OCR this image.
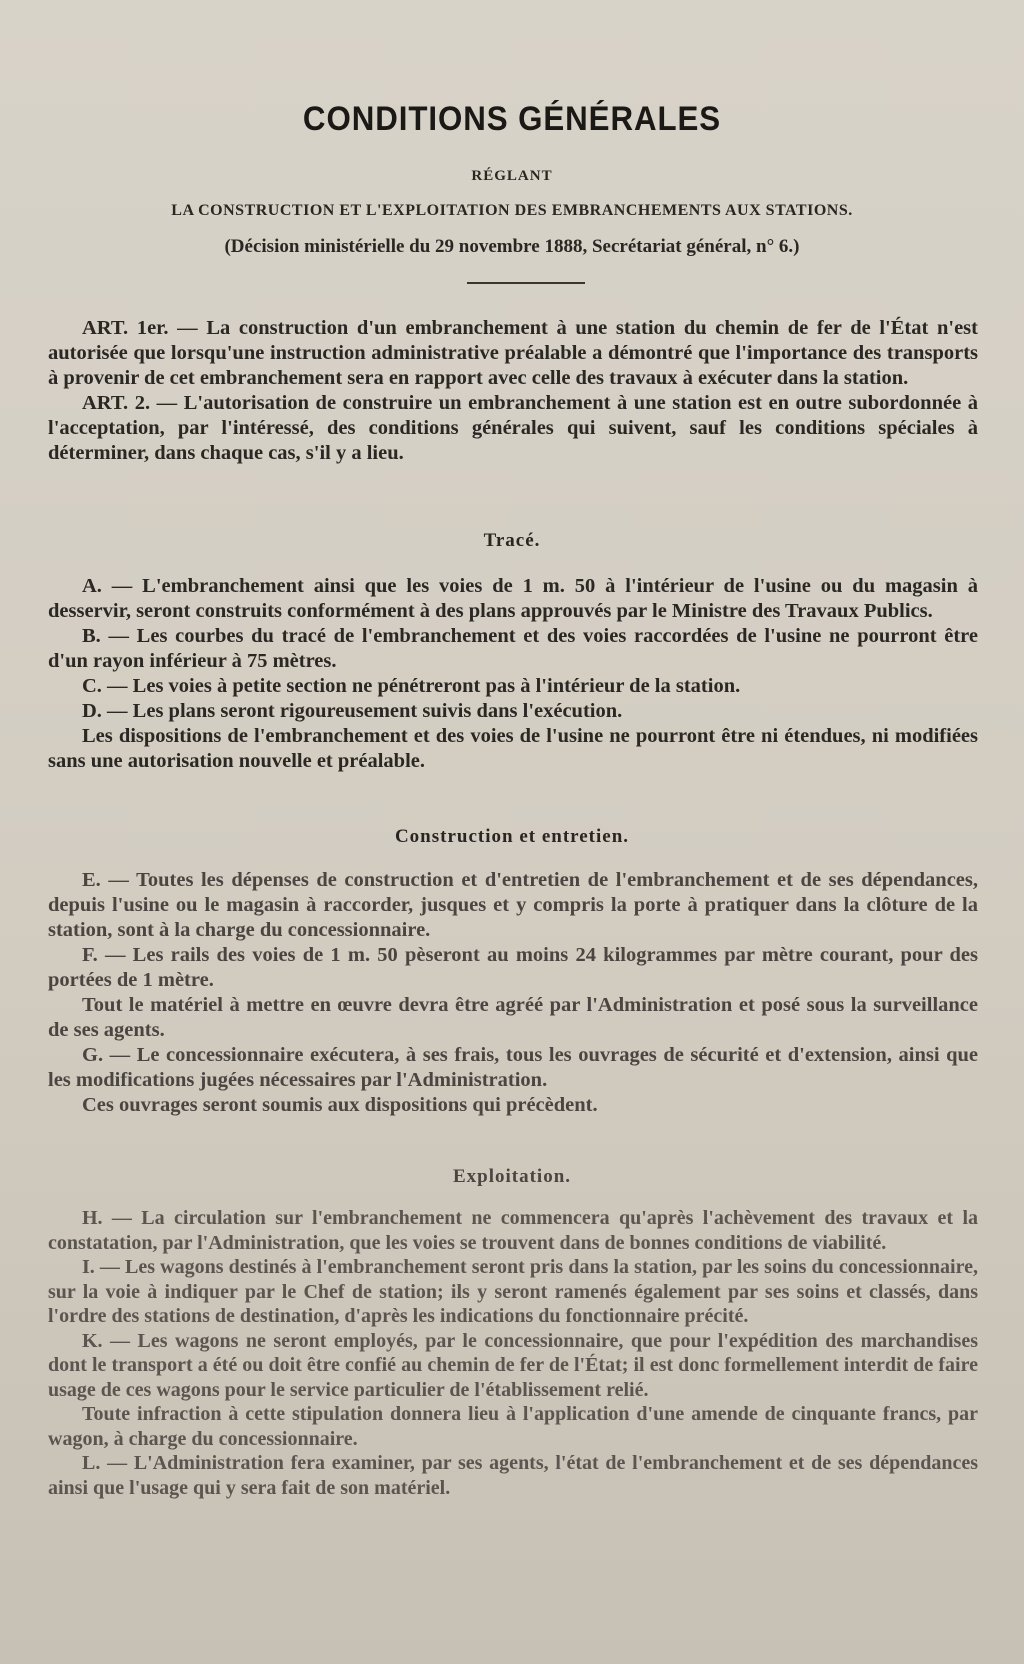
CONDITIONS GÉNÉRALES
RÉGLANT
LA CONSTRUCTION ET L'EXPLOITATION DES EMBRANCHEMENTS AUX STATIONS.
(Décision ministérielle du 29 novembre 1888, Secrétariat général, n° 6.)

ART. 1er. — La construction d'un embranchement à une station du chemin de fer de l'État n'est autorisée que lorsqu'une instruction administrative préalable a démontré que l'importance des transports à provenir de cet embranchement sera en rapport avec celle des travaux à exécuter dans la station.

ART. 2. — L'autorisation de construire un embranchement à une station est en outre subordonnée à l'acceptation, par l'intéressé, des conditions générales qui suivent, sauf les conditions spéciales à déterminer, dans chaque cas, s'il y a lieu.

Tracé.

A. — L'embranchement ainsi que les voies de 1 m. 50 à l'intérieur de l'usine ou du magasin à desservir, seront construits conformément à des plans approuvés par le Ministre des Travaux Publics.

B. — Les courbes du tracé de l'embranchement et des voies raccordées de l'usine ne pourront être d'un rayon inférieur à 75 mètres.

C. — Les voies à petite section ne pénétreront pas à l'intérieur de la station.

D. — Les plans seront rigoureusement suivis dans l'exécution.

Les dispositions de l'embranchement et des voies de l'usine ne pourront être ni étendues, ni modifiées sans une autorisation nouvelle et préalable.

Construction et entretien.

E. — Toutes les dépenses de construction et d'entretien de l'embranchement et de ses dépendances, depuis l'usine ou le magasin à raccorder, jusques et y compris la porte à pratiquer dans la clôture de la station, sont à la charge du concessionnaire.

F. — Les rails des voies de 1 m. 50 pèseront au moins 24 kilogrammes par mètre courant, pour des portées de 1 mètre.

Tout le matériel à mettre en œuvre devra être agréé par l'Administration et posé sous la surveillance de ses agents.

G. — Le concessionnaire exécutera, à ses frais, tous les ouvrages de sécurité et d'extension, ainsi que les modifications jugées nécessaires par l'Administration.

Ces ouvrages seront soumis aux dispositions qui précèdent.

Exploitation.

H. — La circulation sur l'embranchement ne commencera qu'après l'achèvement des travaux et la constatation, par l'Administration, que les voies se trouvent dans de bonnes conditions de viabilité.

I. — Les wagons destinés à l'embranchement seront pris dans la station, par les soins du concessionnaire, sur la voie à indiquer par le Chef de station; ils y seront ramenés également par ses soins et classés, dans l'ordre des stations de destination, d'après les indications du fonctionnaire précité.

K. — Les wagons ne seront employés, par le concessionnaire, que pour l'expédition des marchandises dont le transport a été ou doit être confié au chemin de fer de l'État; il est donc formellement interdit de faire usage de ces wagons pour le service particulier de l'établissement relié.

Toute infraction à cette stipulation donnera lieu à l'application d'une amende de cinquante francs, par wagon, à charge du concessionnaire.

L. — L'Administration fera examiner, par ses agents, l'état de l'embranchement et de ses dépendances ainsi que l'usage qui y sera fait de son matériel.
